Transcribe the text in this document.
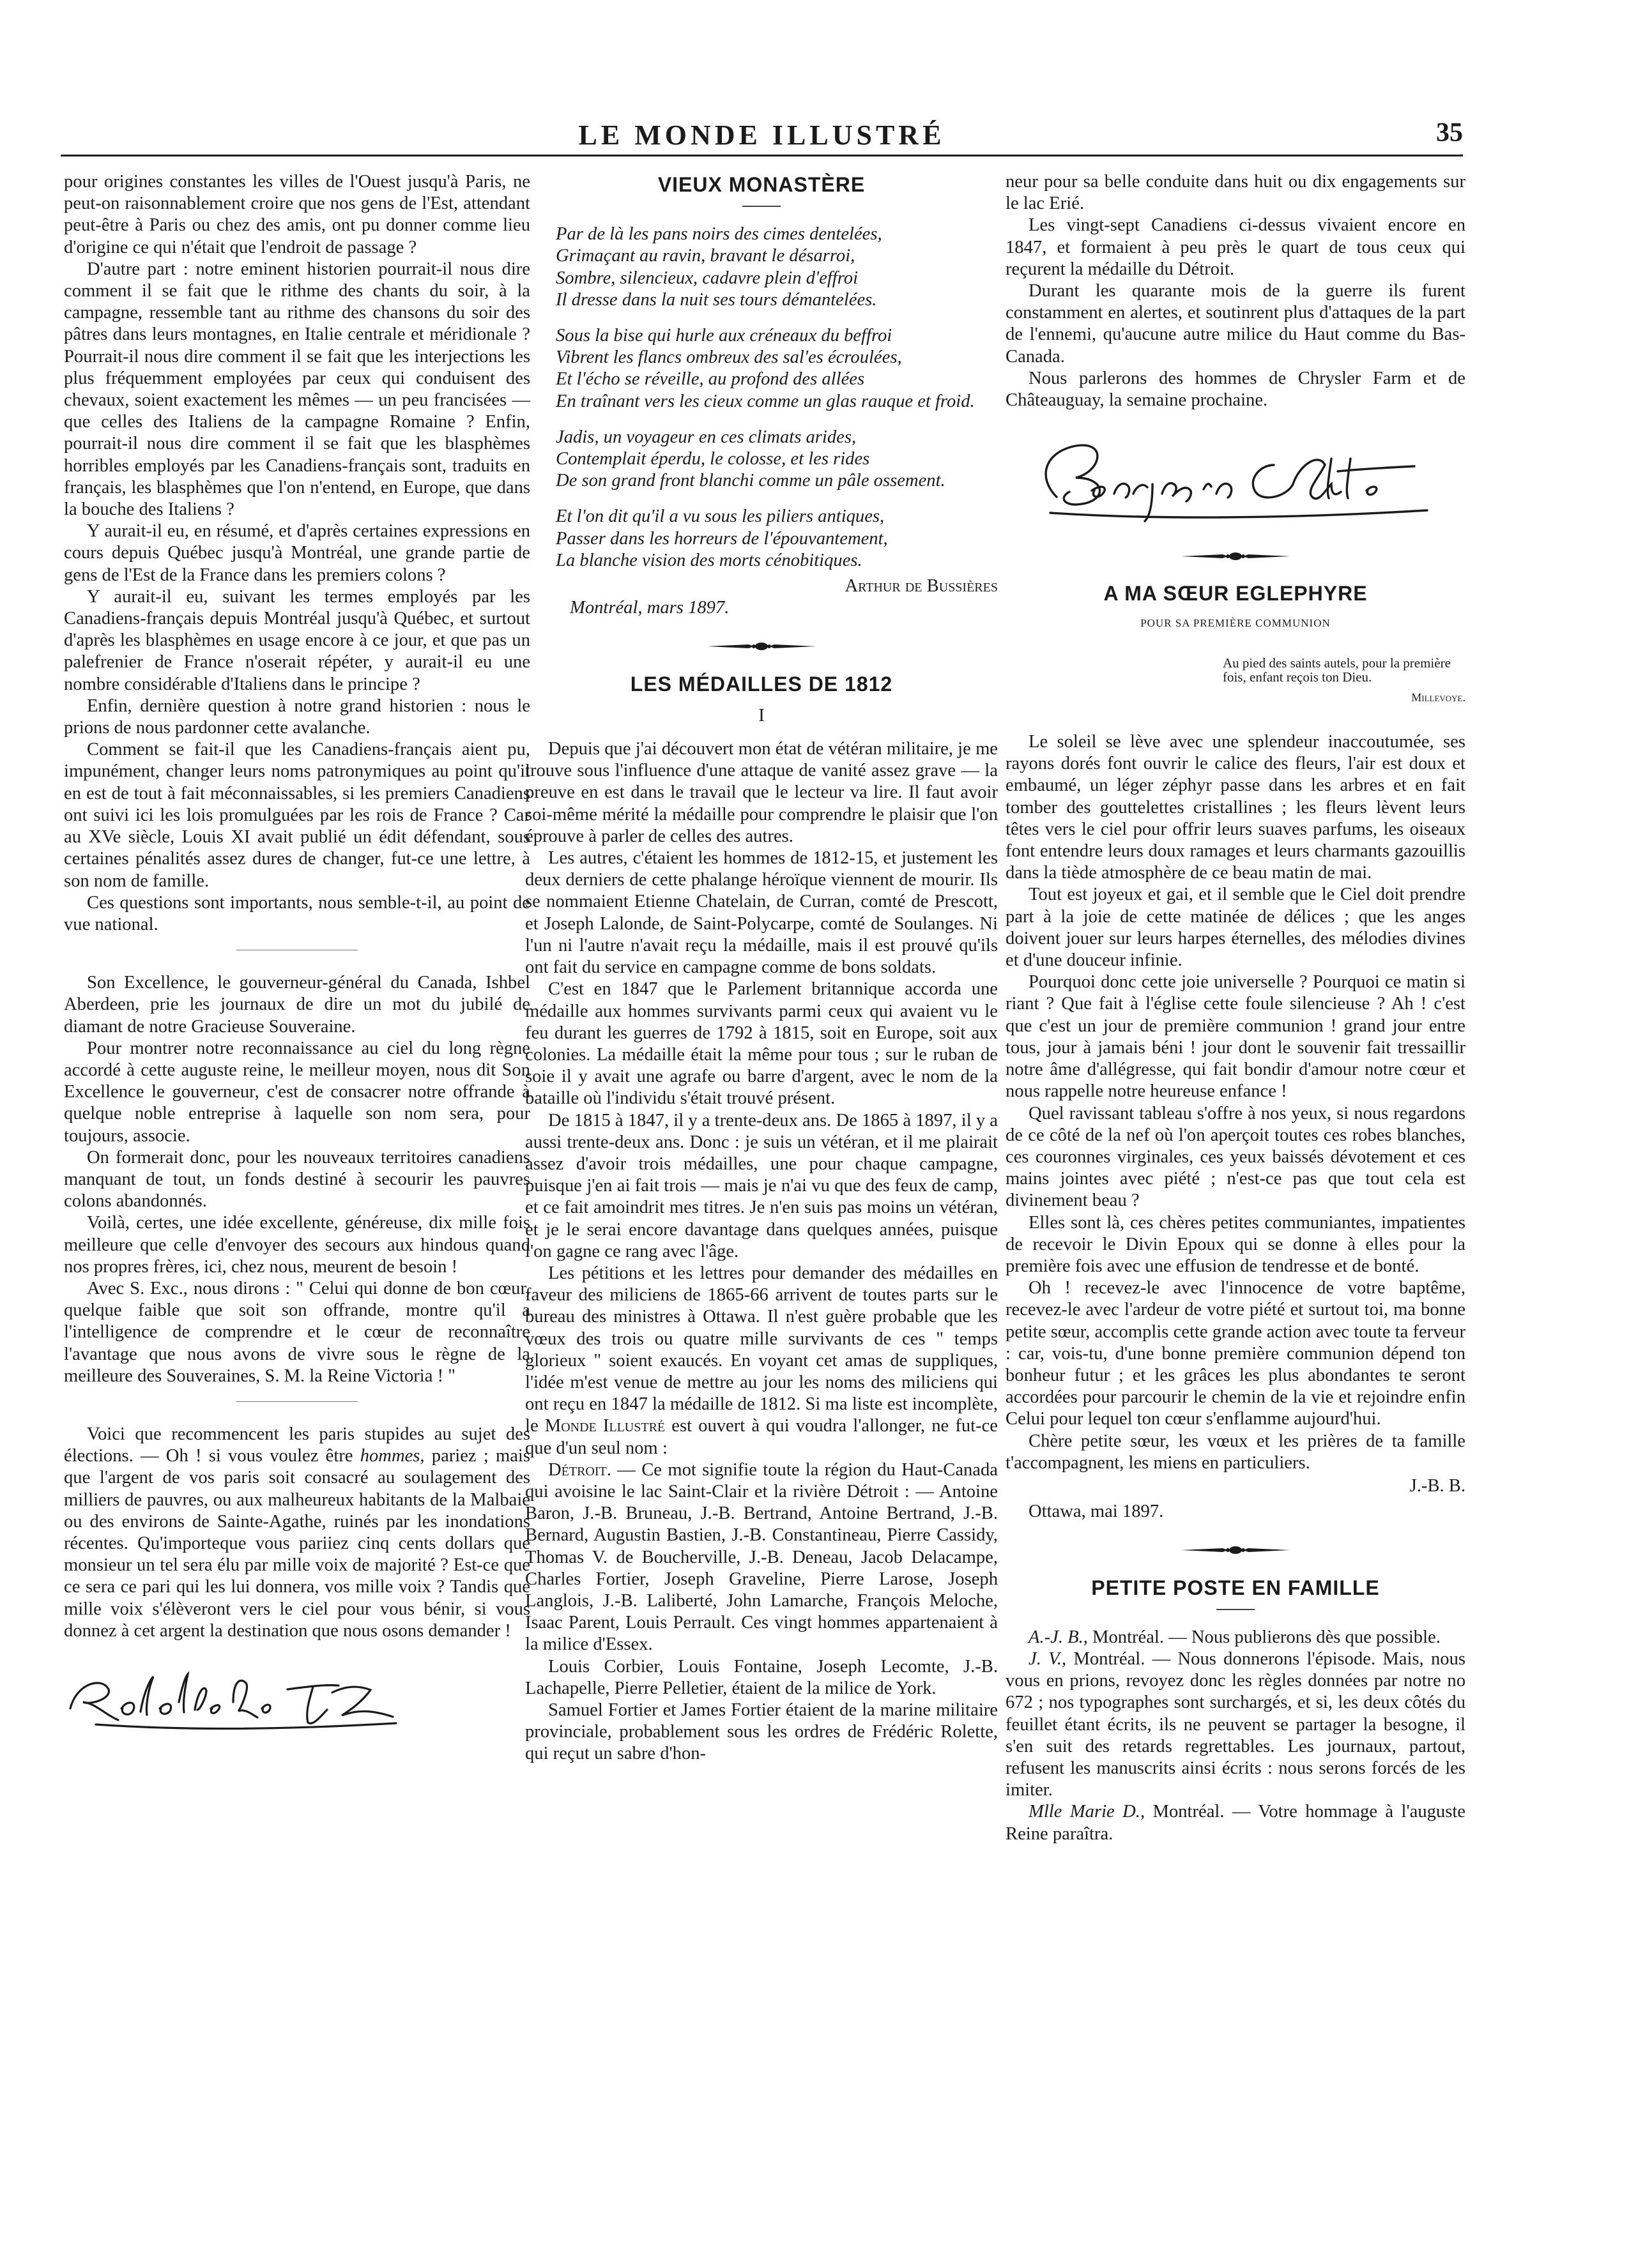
LE MONDE ILLUSTRÉ	35

pour origines constantes les villes de l'Ouest jusqu'à Paris, ne peut-on raisonnablement croire que nos gens de l'Est, attendant peut-être à Paris ou chez des amis, ont pu donner comme lieu d'origine ce qui n'était que l'endroit de passage ?

D'autre part : notre eminent historien pourrait-il nous dire comment il se fait que le rithme des chants du soir, à la campagne, ressemble tant au rithme des chansons du soir des pâtres dans leurs montagnes, en Italie centrale et méridionale ? Pourrait-il nous dire comment il se fait que les interjections les plus fréquemment employées par ceux qui conduisent des chevaux, soient exactement les mêmes — un peu francisées — que celles des Italiens de la campagne Romaine ? Enfin, pourrait-il nous dire comment il se fait que les blasphèmes horribles employés par les Canadiens-français sont, traduits en français, les blasphèmes que l'on n'entend, en Europe, que dans la bouche des Italiens ?

Y aurait-il eu, en résumé, et d'après certaines expressions en cours depuis Québec jusqu'à Montréal, une grande partie de gens de l'Est de la France dans les premiers colons ?

Y aurait-il eu, suivant les termes employés par les Canadiens-français depuis Montréal jusqu'à Québec, et surtout d'après les blasphèmes en usage encore à ce jour, et que pas un palefrenier de France n'oserait répéter, y aurait-il eu une nombre considérable d'Italiens dans le principe ?

Enfin, dernière question à notre grand historien : nous le prions de nous pardonner cette avalanche.

Comment se fait-il que les Canadiens-français aient pu, impunément, changer leurs noms patronymiques au point qu'il en est de tout à fait méconnaissables, si les premiers Canadiens ont suivi ici les lois promulguées par les rois de France ? Car au XVe siècle, Louis XI avait publié un édit défendant, sous certaines pénalités assez dures de changer, fut-ce une lettre, à son nom de famille.

Ces questions sont importants, nous semble-t-il, au point de vue national.

Son Excellence, le gouverneur-général du Canada, Ishbel Aberdeen, prie les journaux de dire un mot du jubilé de diamant de notre Gracieuse Souveraine.

Pour montrer notre reconnaissance au ciel du long règne accordé à cette auguste reine, le meilleur moyen, nous dit Son Excellence le gouverneur, c'est de consacrer notre offrande à quelque noble entreprise à laquelle son nom sera, pour toujours, associe.

On formerait donc, pour les nouveaux territoires canadiens manquant de tout, un fonds destiné à secourir les pauvres colons abandonnés.

Voilà, certes, une idée excellente, généreuse, dix mille fois meilleure que celle d'envoyer des secours aux hindous quand nos propres frères, ici, chez nous, meurent de besoin !

Avec S. Exc., nous dirons : " Celui qui donne de bon cœur, quelque faible que soit son offrande, montre qu'il a l'intelligence de comprendre et le cœur de reconnaître l'avantage que nous avons de vivre sous le règne de la meilleure des Souveraines, S. M. la Reine Victoria ! "

Voici que recommencent les paris stupides au sujet des élections. — Oh ! si vous voulez être hommes, pariez ; mais que l'argent de vos paris soit consacré au soulagement des milliers de pauvres, ou aux malheureux habitants de la Malbaie ou des environs de Sainte-Agathe, ruinés par les inondations récentes. Qu'importeque vous pariiez cinq cents dollars que monsieur un tel sera élu par mille voix de majorité ? Est-ce que ce sera ce pari qui les lui donnera, vos mille voix ? Tandis que mille voix s'élèveront vers le ciel pour vous bénir, si vous donnez à cet argent la destination que nous osons demander !

VIEUX MONASTÈRE
Par de là les pans noirs des cimes dentelées,
Grimaçant au ravin, bravant le désarroi,
Sombre, silencieux, cadavre plein d'effroi
Il dresse dans la nuit ses tours démantelées.
Sous la bise qui hurle aux créneaux du beffroi
Vibrent les flancs ombreux des sal'es écroulées,
Et l'écho se réveille, au profond des allées
En traînant vers les cieux comme un glas rauque et froid.
Jadis, un voyageur en ces climats arides,
Contemplait éperdu, le colosse, et les rides
De son grand front blanchi comme un pâle ossement.
Et l'on dit qu'il a vu sous les piliers antiques,
Passer dans les horreurs de l'épouvantement,
La blanche vision des morts cénobitiques.
Arthur de Bussières
Montréal, mars 1897.
LES MÉDAILLES DE 1812
I

Depuis que j'ai découvert mon état de vétéran militaire, je me trouve sous l'influence d'une attaque de vanité assez grave — la preuve en est dans le travail que le lecteur va lire. Il faut avoir soi-même mérité la médaille pour comprendre le plaisir que l'on éprouve à parler de celles des autres.

Les autres, c'étaient les hommes de 1812-15, et justement les deux derniers de cette phalange héroïque viennent de mourir. Ils se nommaient Etienne Chatelain, de Curran, comté de Prescott, et Joseph Lalonde, de Saint-Polycarpe, comté de Soulanges. Ni l'un ni l'autre n'avait reçu la médaille, mais il est prouvé qu'ils ont fait du service en campagne comme de bons soldats.

C'est en 1847 que le Parlement britannique accorda une médaille aux hommes survivants parmi ceux qui avaient vu le feu durant les guerres de 1792 à 1815, soit en Europe, soit aux colonies. La médaille était la même pour tous ; sur le ruban de soie il y avait une agrafe ou barre d'argent, avec le nom de la bataille où l'individu s'était trouvé présent.

De 1815 à 1847, il y a trente-deux ans. De 1865 à 1897, il y a aussi trente-deux ans. Donc : je suis un vétéran, et il me plairait assez d'avoir trois médailles, une pour chaque campagne, puisque j'en ai fait trois — mais je n'ai vu que des feux de camp, et ce fait amoindrit mes titres. Je n'en suis pas moins un vétéran, et je le serai encore davantage dans quelques années, puisque l'on gagne ce rang avec l'âge.

Les pétitions et les lettres pour demander des médailles en faveur des miliciens de 1865-66 arrivent de toutes parts sur le bureau des ministres à Ottawa. Il n'est guère probable que les vœux des trois ou quatre mille survivants de ces " temps glorieux " soient exaucés. En voyant cet amas de suppliques, l'idée m'est venue de mettre au jour les noms des miliciens qui ont reçu en 1847 la médaille de 1812. Si ma liste est incomplète, le Monde Illustré est ouvert à qui voudra l'allonger, ne fut-ce que d'un seul nom :

Détroit. — Ce mot signifie toute la région du Haut-Canada qui avoisine le lac Saint-Clair et la rivière Détroit : — Antoine Baron, J.-B. Bruneau, J.-B. Bertrand, Antoine Bertrand, J.-B. Bernard, Augustin Bastien, J.-B. Constantineau, Pierre Cassidy, Thomas V. de Boucherville, J.-B. Deneau, Jacob Delacampe, Charles Fortier, Joseph Graveline, Pierre Larose, Joseph Langlois, J.-B. Laliberté, John Lamarche, François Meloche, Isaac Parent, Louis Perrault. Ces vingt hommes appartenaient à la milice d'Essex.

Louis Corbier, Louis Fontaine, Joseph Lecomte, J.-B. Lachapelle, Pierre Pelletier, étaient de la milice de York.

Samuel Fortier et James Fortier étaient de la marine militaire provinciale, probablement sous les ordres de Frédéric Rolette, qui reçut un sabre d'hon-

neur pour sa belle conduite dans huit ou dix engagements sur le lac Erié.

Les vingt-sept Canadiens ci-dessus vivaient encore en 1847, et formaient à peu près le quart de tous ceux qui reçurent la médaille du Détroit.

Durant les quarante mois de la guerre ils furent constamment en alertes, et soutinrent plus d'attaques de la part de l'ennemi, qu'aucune autre milice du Haut comme du Bas-Canada.

Nous parlerons des hommes de Chrysler Farm et de Châteauguay, la semaine prochaine.

A MA SŒUR EGLEPHYRE
POUR SA PREMIÈRE COMMUNION
Au pied des saints autels, pour la première fois, enfant reçois ton Dieu.
Millevoye.

Le soleil se lève avec une splendeur inaccoutumée, ses rayons dorés font ouvrir le calice des fleurs, l'air est doux et embaumé, un léger zéphyr passe dans les arbres et en fait tomber des gouttelettes cristallines ; les fleurs lèvent leurs têtes vers le ciel pour offrir leurs suaves parfums, les oiseaux font entendre leurs doux ramages et leurs charmants gazouillis dans la tiède atmosphère de ce beau matin de mai.

Tout est joyeux et gai, et il semble que le Ciel doit prendre part à la joie de cette matinée de délices ; que les anges doivent jouer sur leurs harpes éternelles, des mélodies divines et d'une douceur infinie.

Pourquoi donc cette joie universelle ? Pourquoi ce matin si riant ? Que fait à l'église cette foule silencieuse ? Ah ! c'est que c'est un jour de première communion ! grand jour entre tous, jour à jamais béni ! jour dont le souvenir fait tressaillir notre âme d'allégresse, qui fait bondir d'amour notre cœur et nous rappelle notre heureuse enfance !

Quel ravissant tableau s'offre à nos yeux, si nous regardons de ce côté de la nef où l'on aperçoit toutes ces robes blanches, ces couronnes virginales, ces yeux baissés dévotement et ces mains jointes avec piété ; n'est-ce pas que tout cela est divinement beau ?

Elles sont là, ces chères petites communiantes, impatientes de recevoir le Divin Epoux qui se donne à elles pour la première fois avec une effusion de tendresse et de bonté.

Oh ! recevez-le avec l'innocence de votre baptême, recevez-le avec l'ardeur de votre piété et surtout toi, ma bonne petite sœur, accomplis cette grande action avec toute ta ferveur : car, vois-tu, d'une bonne première communion dépend ton bonheur futur ; et les grâces les plus abondantes te seront accordées pour parcourir le chemin de la vie et rejoindre enfin Celui pour lequel ton cœur s'enflamme aujourd'hui.

Chère petite sœur, les vœux et les prières de ta famille t'accompagnent, les miens en particuliers.

J.-B. B.
Ottawa, mai 1897.
PETITE POSTE EN FAMILLE

A.-J. B., Montréal. — Nous publierons dès que possible.

J. V., Montréal. — Nous donnerons l'épisode. Mais, nous vous en prions, revoyez donc les règles données par notre no 672 ; nos typographes sont surchargés, et si, les deux côtés du feuillet étant écrits, ils ne peuvent se partager la besogne, il s'en suit des retards regrettables. Les journaux, partout, refusent les manuscrits ainsi écrits : nous serons forcés de les imiter.

Mlle Marie D., Montréal. — Votre hommage à l'auguste Reine paraîtra.
